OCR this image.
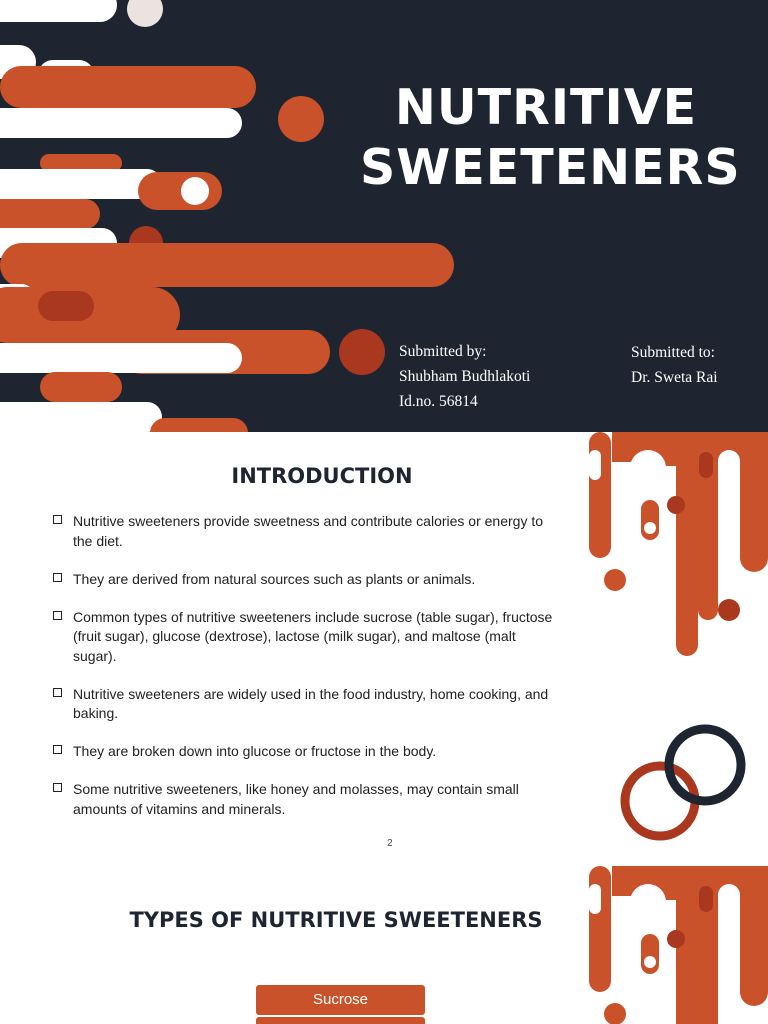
NUTRITIVE
SWEETENERS
Submitted by:
Shubham Budhlakoti
Id.no. 56814
Submitted to:
Dr. Sweta Rai
INTRODUCTION
Nutritive sweeteners provide sweetness and contribute calories or energy to the diet.
They are derived from natural sources such as plants or animals.
Common types of nutritive sweeteners include sucrose (table sugar), fructose (fruit sugar), glucose (dextrose), lactose (milk sugar), and maltose (malt sugar).
Nutritive sweeteners are widely used in the food industry, home cooking, and baking.
They are broken down into glucose or fructose in the body.
Some nutritive sweeteners, like honey and molasses, may contain small amounts of vitamins and minerals.
2
TYPES OF NUTRITIVE SWEETENERS
Sucrose
